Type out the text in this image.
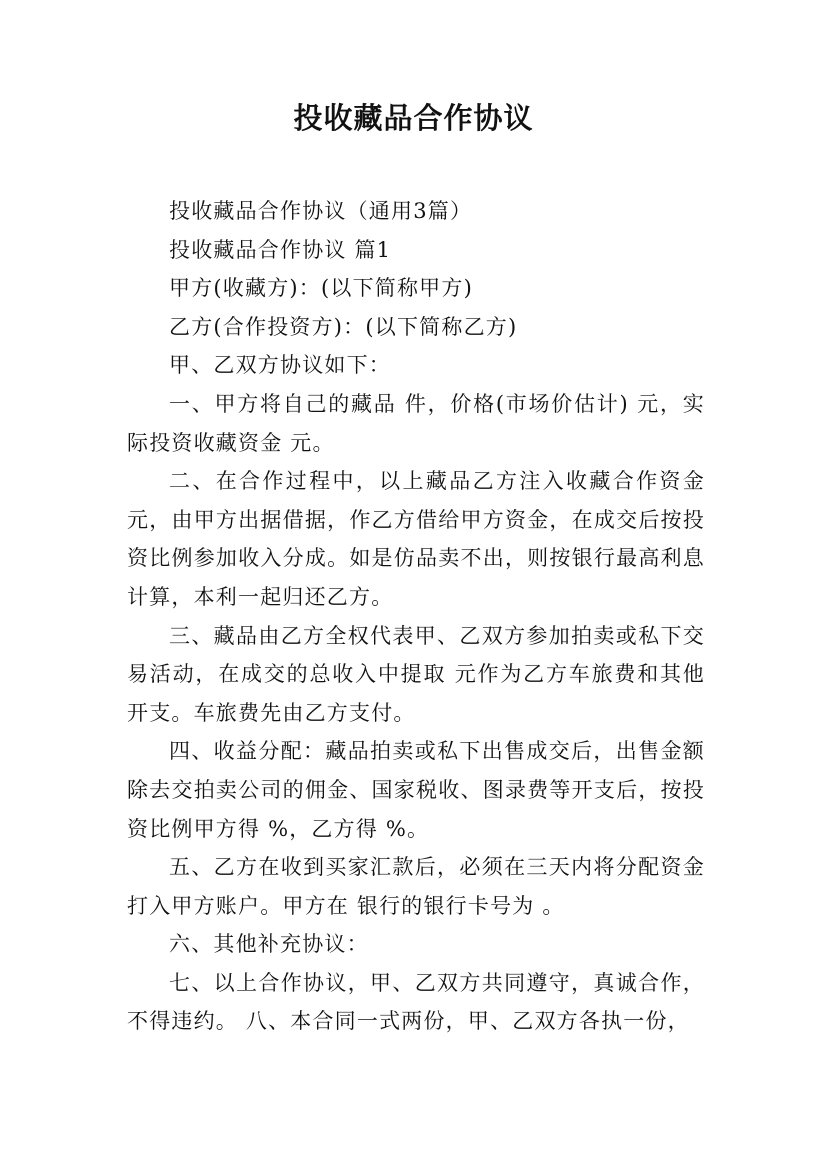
投收藏品合作协议

投收藏品合作协议（通用3篇）

投收藏品合作协议 篇1

甲方(收藏方)：(以下简称甲方)

乙方(合作投资方)：(以下简称乙方)

甲、乙双方协议如下：

一、甲方将自己的藏品 件，价格(市场价估计) 元，实际投资收藏资金 元。

二、在合作过程中，以上藏品乙方注入收藏合作资金 元，由甲方出据借据，作乙方借给甲方资金，在成交后按投资比例参加收入分成。如是仿品卖不出，则按银行最高利息计算，本利一起归还乙方。

三、藏品由乙方全权代表甲、乙双方参加拍卖或私下交易活动，在成交的总收入中提取 元作为乙方车旅费和其他开支。车旅费先由乙方支付。

四、收益分配：藏品拍卖或私下出售成交后，出售金额除去交拍卖公司的佣金、国家税收、图录费等开支后，按投资比例甲方得 %，乙方得 %。

五、乙方在收到买家汇款后，必须在三天内将分配资金打入甲方账户。甲方在 银行的银行卡号为 。

六、其他补充协议：

七、以上合作协议，甲、乙双方共同遵守，真诚合作，不得违约。 八、本合同一式两份，甲、乙双方各执一份，
